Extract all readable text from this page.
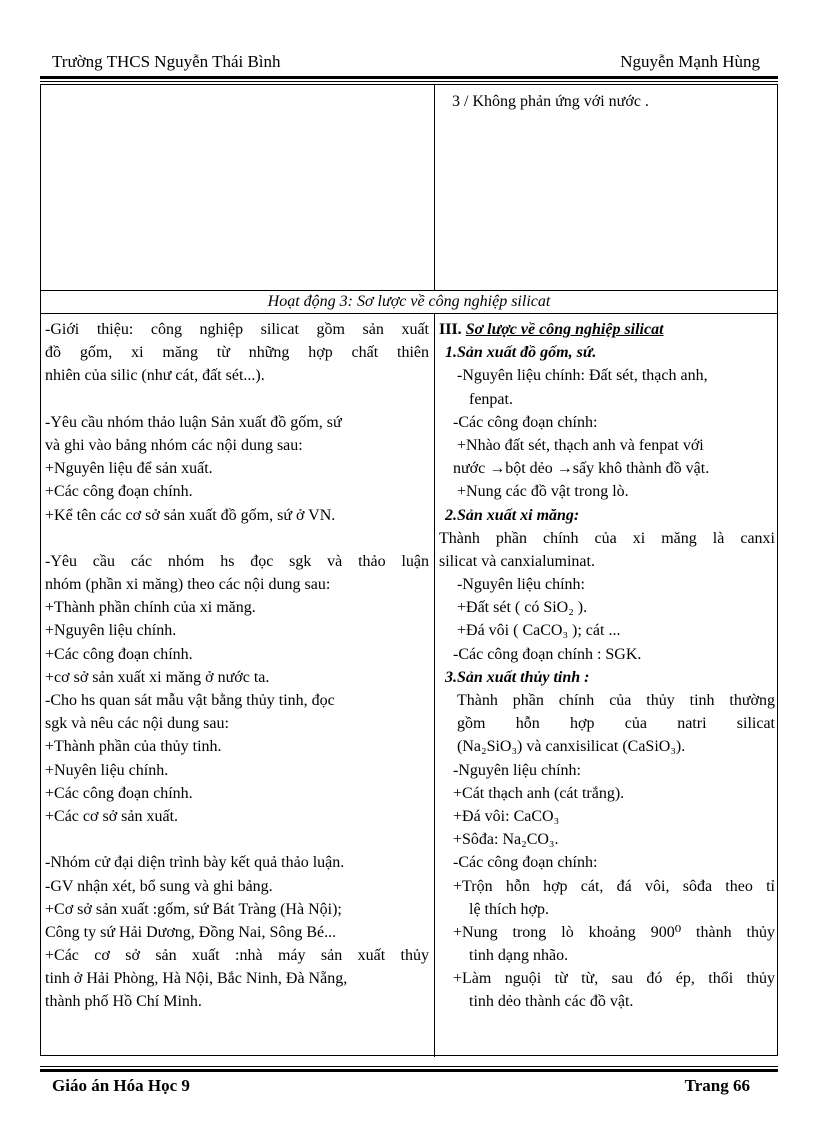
Trường THCS Nguyễn Thái Bình	Nguyễn Mạnh Hùng
3 / Không phản ứng với nước .
Hoạt động 3: Sơ lược về công nghiệp silicat
-Giới thiệu: công nghiệp silicat gồm sản xuất
đồ gốm, xi măng từ những hợp chất thiên
nhiên của silic (như cát, đất sét...).
-Yêu cầu nhóm thảo luận Sản xuất đồ gốm, sứ
và ghi vào bảng nhóm các nội dung sau:
+Nguyên liệu để sản xuất.
+Các công đoạn chính.
+Kể tên các cơ sở sản xuất đồ gốm, sứ ở VN.
-Yêu cầu các nhóm hs đọc sgk và thảo luận
nhóm (phần xi măng) theo các nội dung sau:
+Thành phần chính của xi măng.
+Nguyên liệu chính.
+Các công đoạn chính.
+cơ sở sản xuất xi măng ở nước ta.
-Cho hs quan sát mẫu vật bằng thủy tinh, đọc
sgk và nêu các nội dung sau:
+Thành phần của thủy tinh.
+Nuyên liệu chính.
+Các công đoạn chính.
+Các cơ sở sản xuất.
-Nhóm cử đại diện trình bày kết quả thảo luận.
-GV nhận xét, bổ sung và ghi bảng.
+Cơ sở sản xuất :gốm, sứ Bát Tràng (Hà Nội);
Công ty sứ Hải Dương, Đồng Nai, Sông Bé...
+Các cơ sở sản xuất :nhà máy sản xuất thủy
tinh ở Hải Phòng, Hà Nội, Bắc Ninh, Đà Nẵng,
thành phố Hồ Chí Minh.
III. Sơ lược về công nghiệp silicat
1.Sản xuất đồ gốm, sứ.
-Nguyên liệu chính: Đất sét, thạch anh,
fenpat.
-Các công đoạn chính:
+Nhào đất sét, thạch anh và fenpat với
nước →bột dẻo →sấy khô thành đồ vật.
+Nung các đồ vật trong lò.
2.Sản xuất xi măng:
Thành phần chính của xi măng là canxi
silicat và canxialuminat.
-Nguyên liệu chính:
+Đất sét ( có SiO₂ ).
+Đá vôi ( CaCO₃ ); cát ...
-Các công đoạn chính : SGK.
3.Sản xuất thủy tinh :
Thành phần chính của thủy tinh thường
gồm hỗn hợp của natri silicat
(Na₂SiO₃) và canxisilicat (CaSiO₃).
-Nguyên liệu chính:
+Cát thạch anh (cát trắng).
+Đá vôi: CaCO₃
+Sôđa: Na₂CO₃.
-Các công đoạn chính:
+Trộn hỗn hợp cát, đá vôi, sôđa theo tỉ
lệ thích hợp.
+Nung trong lò khoảng 900⁰ thành thủy
tinh dạng nhão.
+Làm nguội từ từ, sau đó ép, thổi thủy
tinh dẻo thành các đồ vật.
Giáo án Hóa Học 9	Trang 66
